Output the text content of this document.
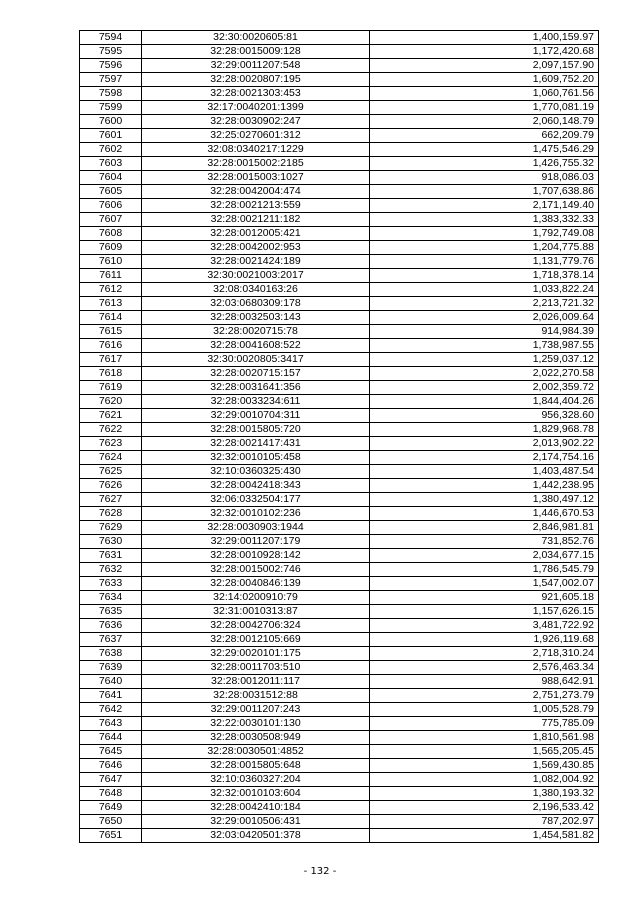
7594	32:30:0020605:81	1,400,159.97
7595	32:28:0015009:128	1,172,420.68
7596	32:29:0011207:548	2,097,157.90
7597	32:28:0020807:195	1,609,752.20
7598	32:28:0021303:453	1,060,761.56
7599	32:17:0040201:1399	1,770,081.19
7600	32:28:0030902:247	2,060,148.79
7601	32:25:0270601:312	662,209.79
7602	32:08:0340217:1229	1,475,546.29
7603	32:28:0015002:2185	1,426,755.32
7604	32:28:0015003:1027	918,086.03
7605	32:28:0042004:474	1,707,638.86
7606	32:28:0021213:559	2,171,149.40
7607	32:28:0021211:182	1,383,332.33
7608	32:28:0012005:421	1,792,749.08
7609	32:28:0042002:953	1,204,775.88
7610	32:28:0021424:189	1,131,779.76
7611	32:30:0021003:2017	1,718,378.14
7612	32:08:0340163:26	1,033,822.24
7613	32:03:0680309:178	2,213,721.32
7614	32:28:0032503:143	2,026,009.64
7615	32:28:0020715:78	914,984.39
7616	32:28:0041608:522	1,738,987.55
7617	32:30:0020805:3417	1,259,037.12
7618	32:28:0020715:157	2,022,270.58
7619	32:28:0031641:356	2,002,359.72
7620	32:28:0033234:611	1,844,404.26
7621	32:29:0010704:311	956,328.60
7622	32:28:0015805:720	1,829,968.78
7623	32:28:0021417:431	2,013,902.22
7624	32:32:0010105:458	2,174,754.16
7625	32:10:0360325:430	1,403,487.54
7626	32:28:0042418:343	1,442,238.95
7627	32:06:0332504:177	1,380,497.12
7628	32:32:0010102:236	1,446,670.53
7629	32:28:0030903:1944	2,846,981.81
7630	32:29:0011207:179	731,852.76
7631	32:28:0010928:142	2,034,677.15
7632	32:28:0015002:746	1,786,545.79
7633	32:28:0040846:139	1,547,002.07
7634	32:14:0200910:79	921,605.18
7635	32:31:0010313:87	1,157,626.15
7636	32:28:0042706:324	3,481,722.92
7637	32:28:0012105:669	1,926,119.68
7638	32:29:0020101:175	2,718,310.24
7639	32:28:0011703:510	2,576,463.34
7640	32:28:0012011:117	988,642.91
7641	32:28:0031512:88	2,751,273.79
7642	32:29:0011207:243	1,005,528.79
7643	32:22:0030101:130	775,785.09
7644	32:28:0030508:949	1,810,561.98
7645	32:28:0030501:4852	1,565,205.45
7646	32:28:0015805:648	1,569,430.85
7647	32:10:0360327:204	1,082,004.92
7648	32:32:0010103:604	1,380,193.32
7649	32:28:0042410:184	2,196,533.42
7650	32:29:0010506:431	787,202.97
7651	32:03:0420501:378	1,454,581.82
- 132 -
